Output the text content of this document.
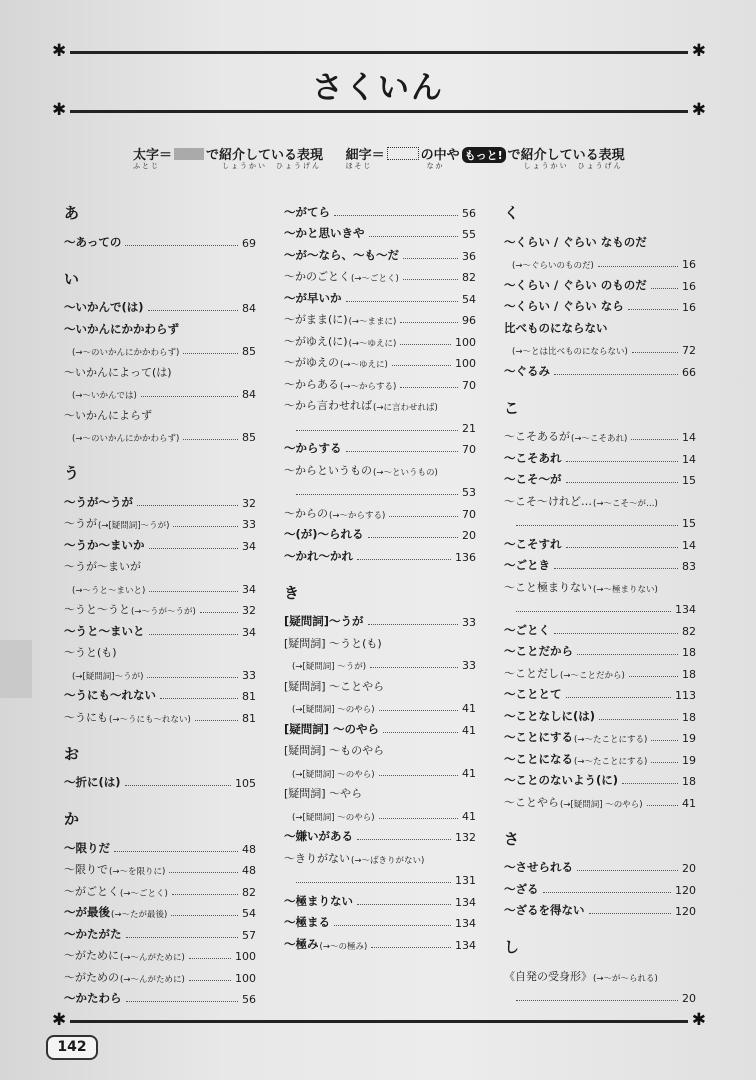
✱	✱
さくいん
✱	✱
太字＝
ふとじ
で紹介している表現
しょうかい　ひょうげん
細字＝
ほそじ
の中や
なか
もっと! で紹介している表現
しょうかい　ひょうげん
あ
～あっての	69
い
～いかんで(は)	84
～いかんにかかわらず
(→～のいかんにかかわらず)	85
～いかんによって(は)
(→～いかんでは)	84
～いかんによらず
(→～のいかんにかかわらず)	85
う
～うが～うが	32
～うが (→[疑問詞]～うが)	33
～うか～まいか	34
～うが～まいが
(→～うと～まいと)	34
～うと～うと (→～うが～うが)	32
～うと～まいと	34
～うと(も)
(→[疑問詞]～うが)	33
～うにも～れない	81
～うにも (→～うにも～れない)	81
お
～折に(は)	105
か
～限りだ	48
～限りで (→～を限りに)	48
～がごとく (→～ごとく)	82
～が最後 (→～たが最後)	54
～かたがた	57
～がために (→～んがために)	100
～がための (→～んがために)	100
～かたわら	56
～がてら	56
～かと思いきや	55
～が～なら、～も～だ	36
～かのごとく (→～ごとく)	82
～が早いか	54
～がまま(に) (→～ままに)	96
～がゆえ(に) (→～ゆえに)	100
～がゆえの (→～ゆえに)	100
～からある (→～からする)	70
～から言わせれば (→に言わせれば)
21
～からする	70
～からというもの (→～というもの)
53
～からの (→～からする)	70
～(が)～られる	20
～かれ～かれ	136
き
[疑問詞]～うが	33
[疑問詞] ～うと(も)
(→[疑問詞] ～うが)	33
[疑問詞] ～ことやら
(→[疑問詞] ～のやら)	41
[疑問詞] ～のやら	41
[疑問詞] ～ものやら
(→[疑問詞] ～のやら)	41
[疑問詞] ～やら
(→[疑問詞] ～のやら)	41
～嫌いがある	132
～きりがない (→～ばきりがない)
131
～極まりない	134
～極まる	134
～極み (→～の極み)	134
く
～くらい / ぐらい なものだ
(→～ぐらいのものだ)	16
～くらい / ぐらい のものだ	16
～くらい / ぐらい なら	16
比べものにならない
(→～とは比べものにならない)	72
～ぐるみ	66
こ
～こそあるが (→～こそあれ)	14
～こそあれ	14
～こそ～が	15
～こそ～けれど… (→～こそ～が…)
15
～こそすれ	14
～ごとき	83
～こと極まりない (→～極まりない)
134
～ごとく	82
～ことだから	18
～ことだし (→～ことだから)	18
～こととて	113
～ことなしに(は)	18
～ことにする (→～たことにする)	19
～ことになる (→～たことにする)	19
～ことのないよう(に)	18
～ことやら (→[疑問詞] ～のやら)	41
さ
～させられる	20
～ざる	120
～ざるを得ない	120
し
《自発の受身形》 (→～が～られる)
20
✱	✱
142
